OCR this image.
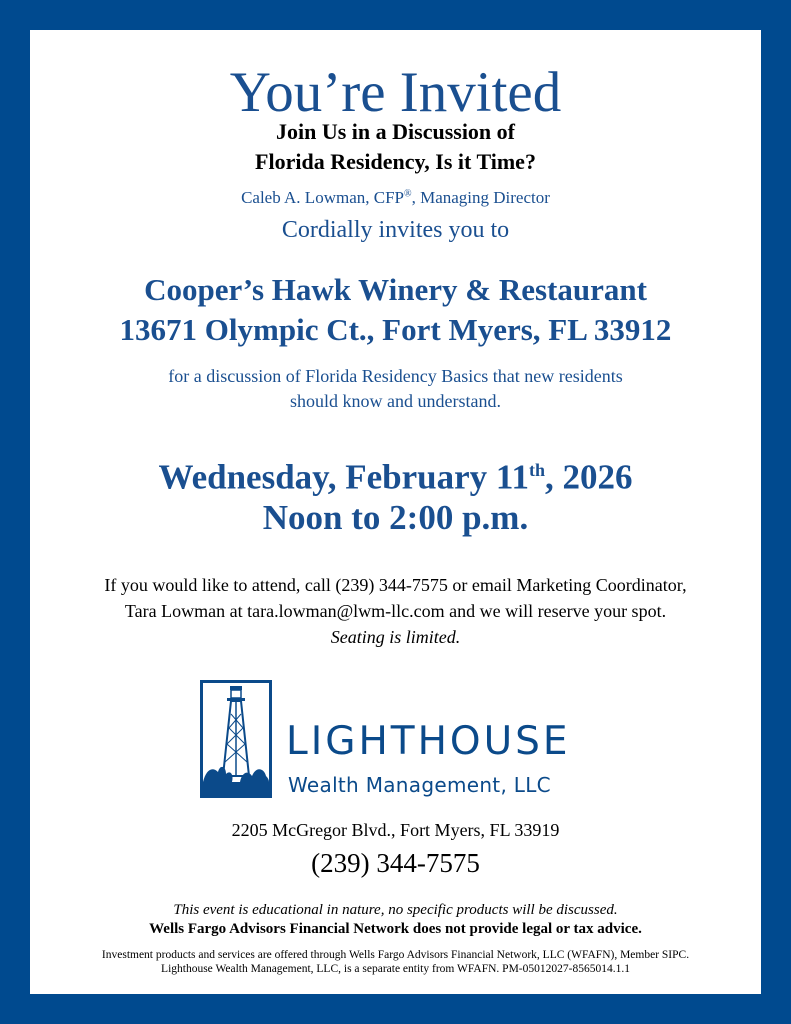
You’re Invited
Join Us in a Discussion of
Florida Residency, Is it Time?
Caleb A. Lowman, CFP®, Managing Director
Cordially invites you to
Cooper’s Hawk Winery & Restaurant
13671 Olympic Ct., Fort Myers, FL 33912
for a discussion of Florida Residency Basics that new residents
should know and understand.
Wednesday, February 11th, 2026
Noon to 2:00 p.m.
If you would like to attend, call (239) 344-7575 or email Marketing Coordinator,
Tara Lowman at tara.lowman@lwm-llc.com and we will reserve your spot.
Seating is limited.
LIGHTHOUSE
Wealth Management, LLC
2205 McGregor Blvd., Fort Myers, FL 33919
(239) 344-7575
This event is educational in nature, no specific products will be discussed.
Wells Fargo Advisors Financial Network does not provide legal or tax advice.
Investment products and services are offered through Wells Fargo Advisors Financial Network, LLC (WFAFN), Member SIPC.
Lighthouse Wealth Management, LLC, is a separate entity from WFAFN. PM-05012027-8565014.1.1
